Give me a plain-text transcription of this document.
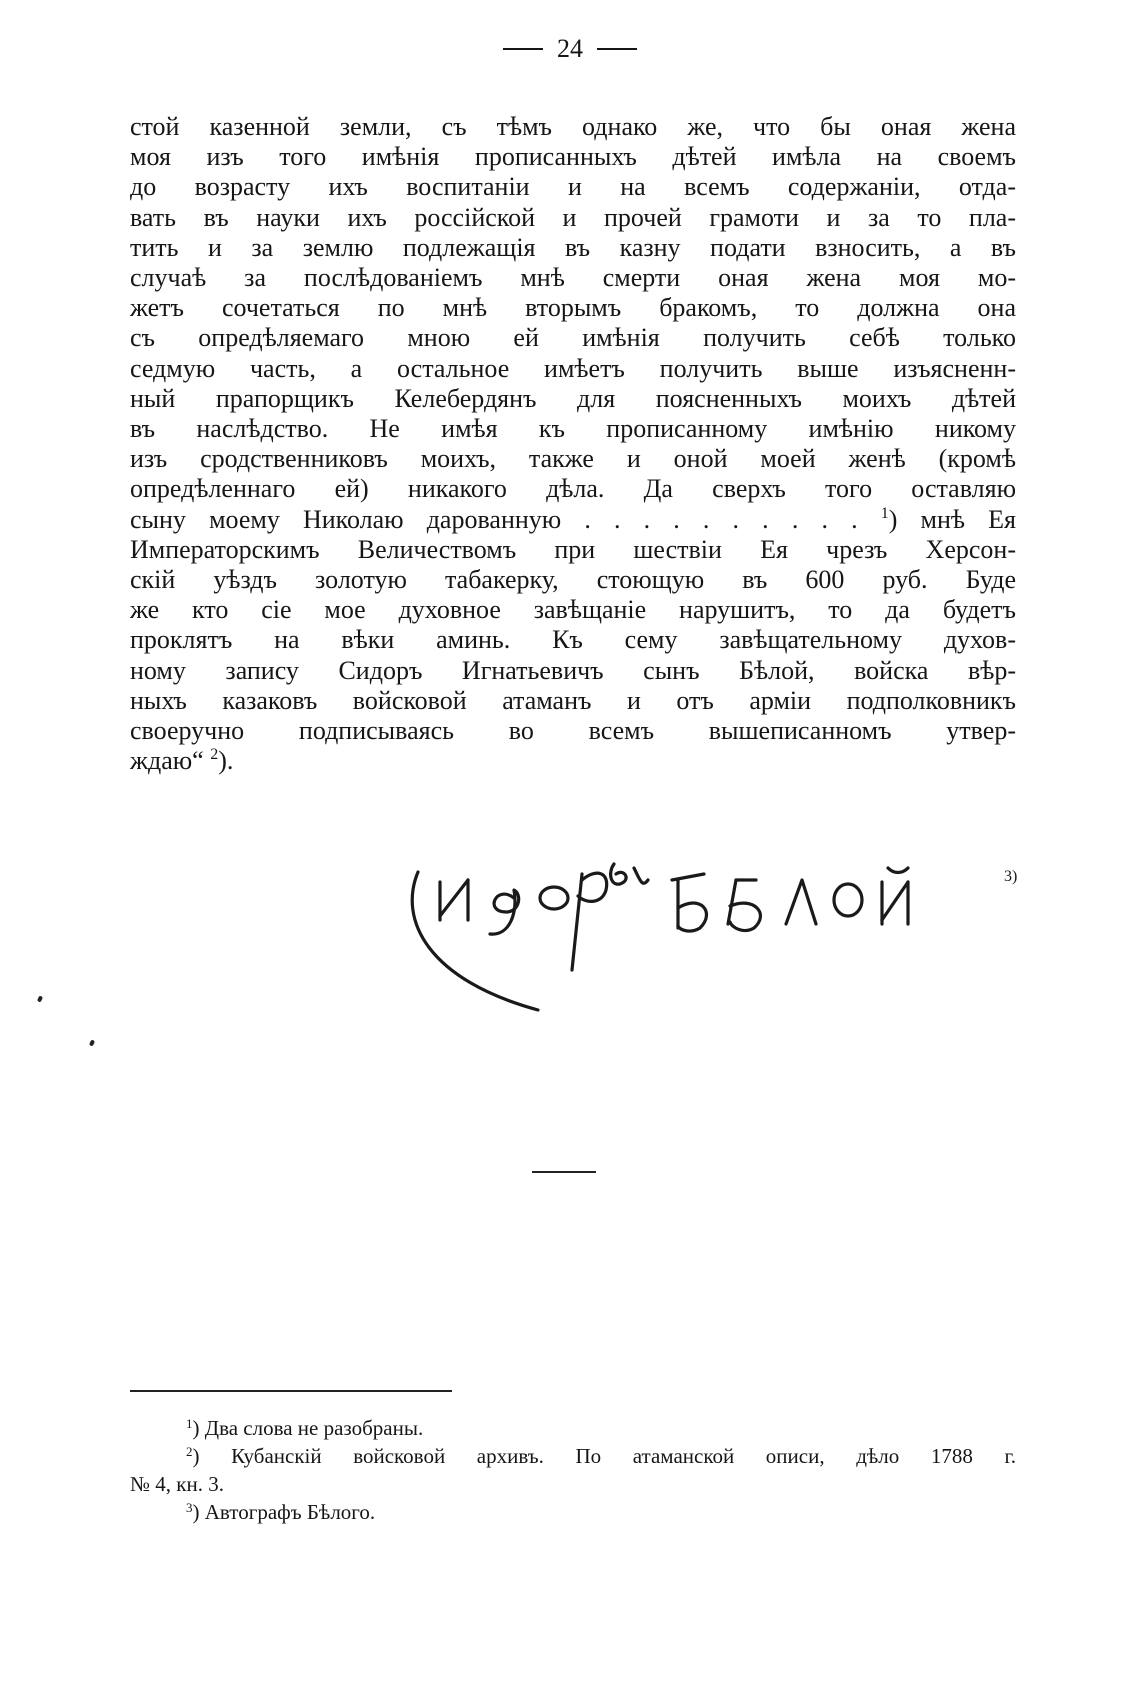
24
стой казенной земли, съ тѣмъ однако же, что бы оная жена
моя изъ того имѣнія прописанныхъ дѣтей имѣла на своемъ
до возрасту ихъ воспитаніи и на всемъ содержаніи, отда-
вать въ науки ихъ россійской и прочей грамоти и за то пла-
тить и за землю подлежащія въ казну подати взносить, а въ
случаѣ за послѣдованіемъ мнѣ смерти оная жена моя мо-
жетъ сочетаться по мнѣ вторымъ бракомъ, то должна она
съ опредѣляемаго мною ей имѣнія получить себѣ только
седмую часть, а остальное имѣетъ получить выше изъясненн-
ный прапорщикъ Келебердянъ для поясненныхъ моихъ дѣтей
въ наслѣдство. Не имѣя къ прописанному имѣнію никому
изъ сродственниковъ моихъ, также и оной моей женѣ (кромѣ
опредѣленнаго ей) никакого дѣла. Да сверхъ того оставляю
сыну моему Николаю дарованную . . . . . . . . . . $^1$) мнѣ Ея
Императорскимъ Величествомъ при шествіи Ея чрезъ Херсон-
скій уѣздъ золотую табакерку, стоющую въ 600 руб. Буде
же кто сіе мое духовное завѣщаніе нарушитъ, то да будетъ
проклятъ на вѣки аминь. Къ сему завѣщательному духов-
ному запису Сидоръ Игнатьевичъ сынъ Бѣлой, войска вѣр-
ныхъ казаковъ войсковой атаманъ и отъ арміи подполковникъ
своеручно подписываясь во всемъ вышеписанномъ утвер-
ждаю“ $^2$).
3)
$^1$) Два слова не разобраны.
$^2$) Кубанскій войсковой архивъ. По атаманской описи, дѣло 1788 г.
№ 4, кн. 3.
$^3$) Автографъ Бѣлого.
